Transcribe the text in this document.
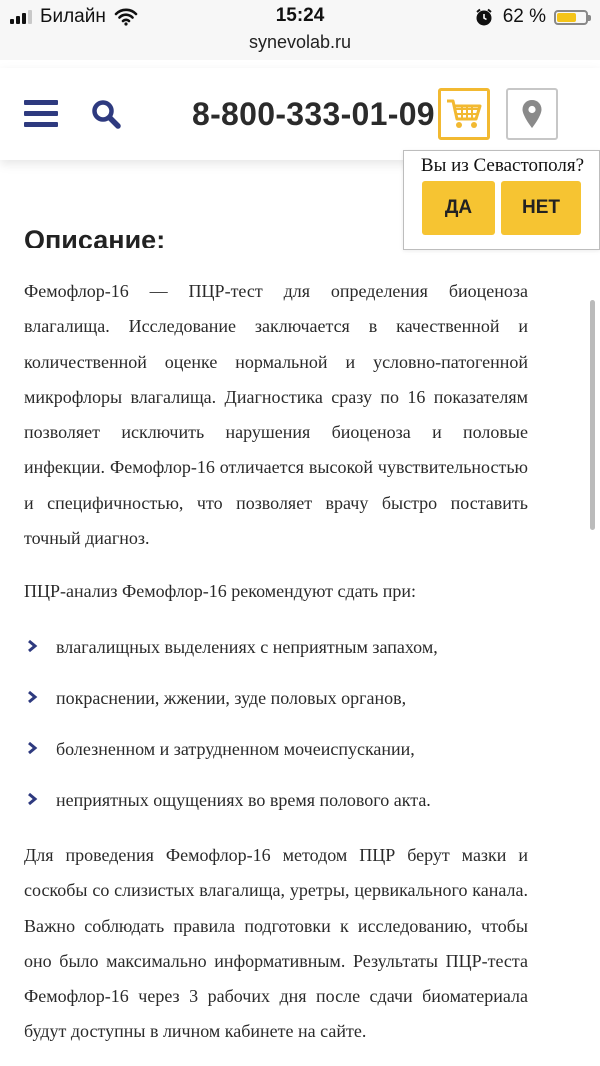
Билайн	15:24	62 %
synevolab.ru
8-800-333-01-09
Вы из Севастополя?
ДА	НЕТ
Описание:

Фемофлор-16 — ПЦР-тест для определения биоценоза влагалища. Исследование заключается в качественной и количественной оценке нормальной и условно-патогенной микрофлоры влагалища. Диагностика сразу по 16 показателям позволяет исключить нарушения биоценоза и половые инфекции. Фемофлор-16 отличается высокой чувствительностью и специфичностью, что позволяет врачу быстро поставить точный диагноз.

ПЦР-анализ Фемофлор-16 рекомендуют сдать при:

влагалищных выделениях с неприятным запахом,
покраснении, жжении, зуде половых органов,
болезненном и затрудненном мочеиспускании,
неприятных ощущениях во время полового акта.

Для проведения Фемофлор-16 методом ПЦР берут мазки и соскобы со слизистых влагалища, уретры, цервикального канала. Важно соблюдать правила подготовки к исследованию, чтобы оно было максимально информативным. Результаты ПЦР-теста Фемофлор-16 через 3 рабочих дня после сдачи биоматериала будут доступны в личном кабинете на сайте.
